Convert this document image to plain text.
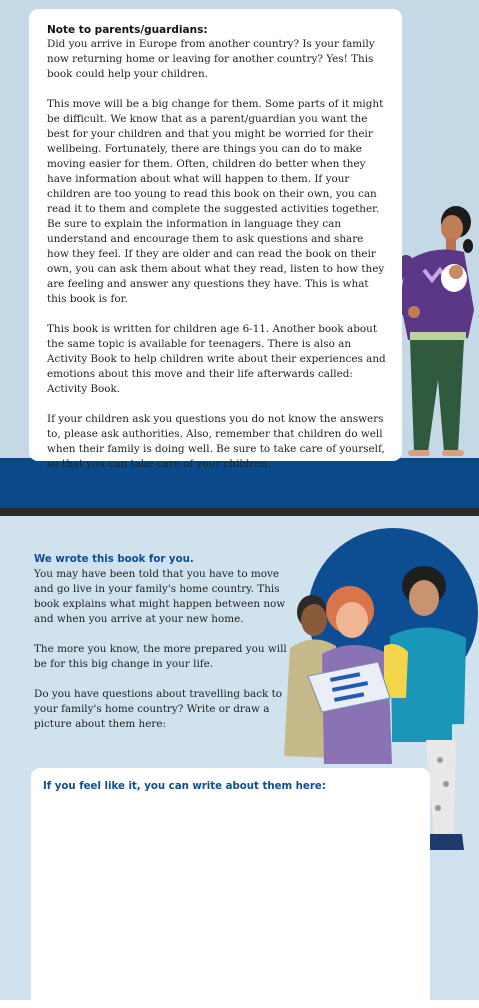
Note to parents/guardians:

Did you arrive in Europe from another country? Is your family now returning home or leaving for another country? Yes! This book could help your children.

This move will be a big change for them. Some parts of it might be difficult. We know that as a parent/guardian you want the best for your children and that you might be worried for their wellbeing. Fortunately, there are things you can do to make moving easier for them. Often, children do better when they have information about what will happen to them. If your children are too young to read this book on their own, you can read it to them and complete the suggested activities together. Be sure to explain the information in language they can understand and encourage them to ask questions and share how they feel. If they are older and can read the book on their own, you can ask them about what they read, listen to how they are feeling and answer any questions they have. This is what this book is for.

This book is written for children age 6-11. Another book about the same topic is available for teenagers. There is also an Activity Book to help children write about their experiences and emotions about this move and their life afterwards called: Activity Book.

If your children ask you questions you do not know the answers to, please ask authorities. Also, remember that children do well when their family is doing well. Be sure to take care of yourself, so that you can take care of your children.

We wrote this book for you.

You may have been told that you have to move and go live in your family's home country. This book explains what might happen between now and when you arrive at your new home.

The more you know, the more prepared you will be for this big change in your life.

Do you have questions about travelling back to your family's home country? Write or draw a picture about them here:

If you feel like it, you can write about them here:
